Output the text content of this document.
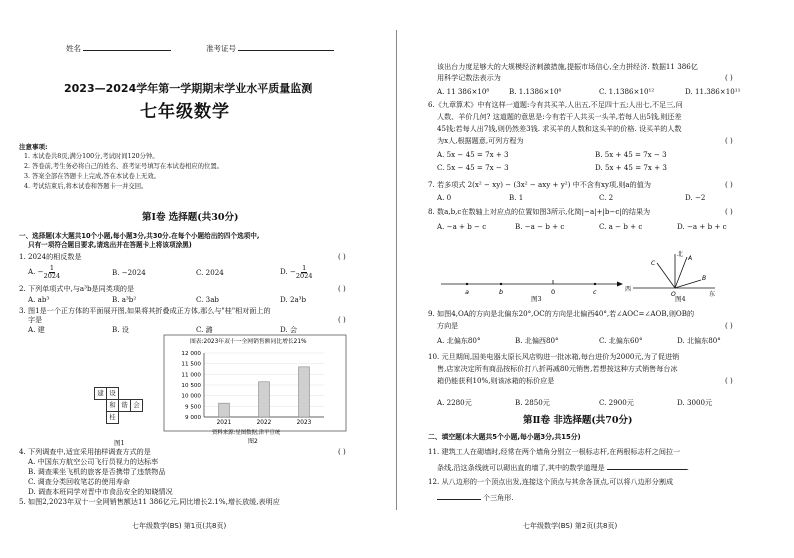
姓名	准考证号
2023—2024学年第一学期期末学业水平质量监测
七年级数学
注意事项:
1. 本试卷共8页,满分100分,考试时间120分钟。
2. 答卷前,考生务必将自己的姓名、准考证号填写在本试卷相应的位置。
3. 答案全部在答题卡上完成,答在本试卷上无效。
4. 考试结束后,将本试卷和答题卡一并交回。
第Ⅰ卷 选择题(共30分)
一、选择题(本大题共10个小题,每小题3分,共30分.在每个小题给出的四个选项中,
只有一项符合题目要求,请选出并在答题卡上将该项涂黑)
1. 2024的相反数是	( )
A. − $\frac{1}{2024}$	B. −2024	C. 2024	D. − $\frac{1}{2024}$
2. 下列单项式中,与a³b是同类项的是	( )
A. ab³	B. a³b²	C. 3ab	D. 2a³b
3. 图1是一个正方体的平面展开图,如果将其折叠成正方体,那么与"桂"相对面上的
字是	( )
A. 建	B. 设	C. 潞	D. 会
建 设
和 谐 会
桂
图1
图表:2023年双十一全网销售额同比增长21%
12 000
11 500
11 000
10 500
10 000
9 500
9 000
2021	2022	2023
资料来源:星图数据,津平宣统
图2
4. 下列调查中,适宜采用抽样调查方式的是	( )
A. 中国东方航空公司飞行员视力的达标率
B. 调查乘坐飞机的旅客是否携带了违禁物品
C. 调查分类回收笔芯的使用寿命
D. 调查本班同学对晋中市食品安全的知晓情况
5. 如图2,2023年双十一全网销售额达11 386亿元,同比增长2.1%,增长放缓,表明应
七年级数学(BS) 第1页(共8页)
该出台力度足够大的大规模经济刺激措施,提振市场信心,全力拼经济. 数据11 386亿
用科学记数法表示为	( )
A. 11 386×10⁸	B. 1.1386×10⁸	C. 1.1386×10¹²	D. 11.386×10¹¹
6.《九章算术》中有这样一道题:今有共买羊,人出五,不足四十五;人出七,不足三,问
人数、羊价几何? 这道题的意思是:今有若干人共买一头羊,若每人出5钱,则还差
45钱;若每人出7钱,则仍然差3钱. 求买羊的人数和这头羊的价格. 设买羊的人数
为x人,根据题意,可列方程为	( )
A. 5x − 45 = 7x + 3	B. 5x + 45 = 7x − 3
C. 5x − 45 = 7x − 3	D. 5x + 45 = 7x + 3
7. 若多项式 2(x² − xy) − (3x² − axy + y²) 中不含有xy项,则a的值为	( )
A. 0	B. 1	C. 2	D. −2
8. 数a,b,c在数轴上对应点的位置如图3所示,化简|−a|+|b−c|的结果为	( )
A. −a + b − c	B. −a − b + c	C. a − b + c	D. −a + b + c
a	b	0	c
图3
北
东
西
O
A
B
C
图4
9. 如图4,OA的方向是北偏东20°,OC的方向是北偏西40°,若∠AOC=∠AOB,则OB的
方向是	( )
A. 北偏东80°	B. 北偏西80°	C. 北偏东60°	D. 北偏东80°
10. 元旦期间,国美电器太原长风店购进一批冰箱,每台进价为2000元,为了促进销
售,店家决定所有商品按标价打八折再减80元销售,若想按这种方式销售每台冰
箱仍能获利10%,则该冰箱的标价应是	( )
A. 2280元	B. 2850元	C. 2900元	D. 3000元
第Ⅱ卷 非选择题(共70分)
二、填空题(本大题共5个小题,每小题3分,共15分)
11. 建筑工人在砌墙时,经常在两个墙角分别立一根标志杆,在两根标志杆之间拉一
条线,沿这条线就可以砌出直的墙了,其中的数学道理是	.
12. 从八边形的一个顶点出发,连接这个顶点与其余各顶点,可以将八边形分割成
个三角形.
七年级数学(BS) 第2页(共8页)
